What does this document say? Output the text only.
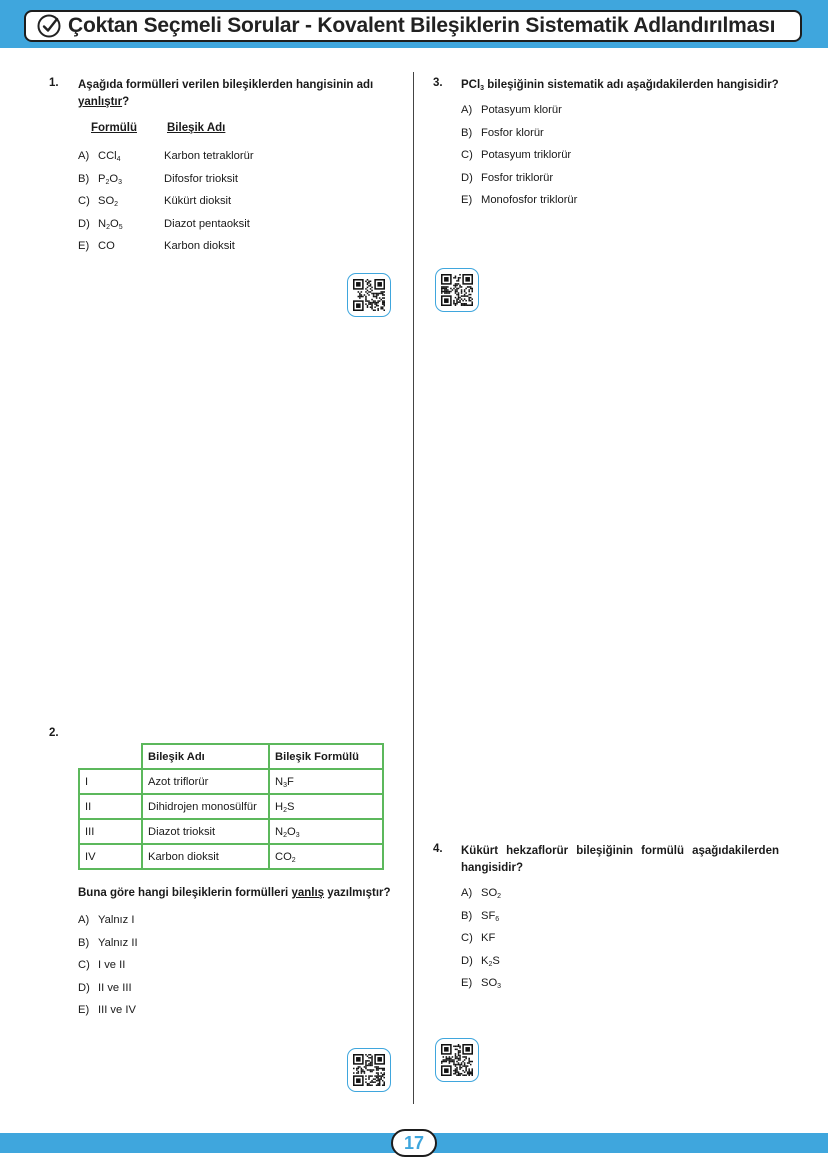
Çoktan Seçmeli Sorular - Kovalent Bileşiklerin Sistematik Adlandırılması
1. Aşağıda formülleri verilen bileşiklerden hangisinin adı
yanlıştır?
Formülü	Bileşik Adı
A) CCl$_4$	Karbon tetraklorür
B) $P_2O_3$	Difosfor trioksit
C) $SO_2$	Kükürt dioksit
D) $N_2O_5$	Diazot pentaoksit
E) CO	Karbon dioksit
3. PCl$_3$ bileşiğinin sistematik adı aşağıdakilerden hangisidir?
A) Potasyum klorür
B) Fosfor klorür
C) Potasyum triklorür
D) Fosfor triklorür
E) Monofosfor triklorür
2.
	Bileşik Adı	Bileşik Formülü
I	Azot triflorür	$N_3F$
II	Dihidrojen monosülfür	$H_2S$
III	Diazot trioksit	$N_2O_3$
IV	Karbon dioksit	$CO_2$
Buna göre hangi bileşiklerin formülleri yanlış yazılmıştır?
A) Yalnız I
B) Yalnız II
C) I ve II
D) II ve III
E) III ve IV
4. Kükürt hekzaflorür bileşiğinin formülü aşağıdakilerden hangisidir?
A) $SO_2$
B) $SF_6$
C) KF
D) $K_2S$
E) $SO_3$
17
